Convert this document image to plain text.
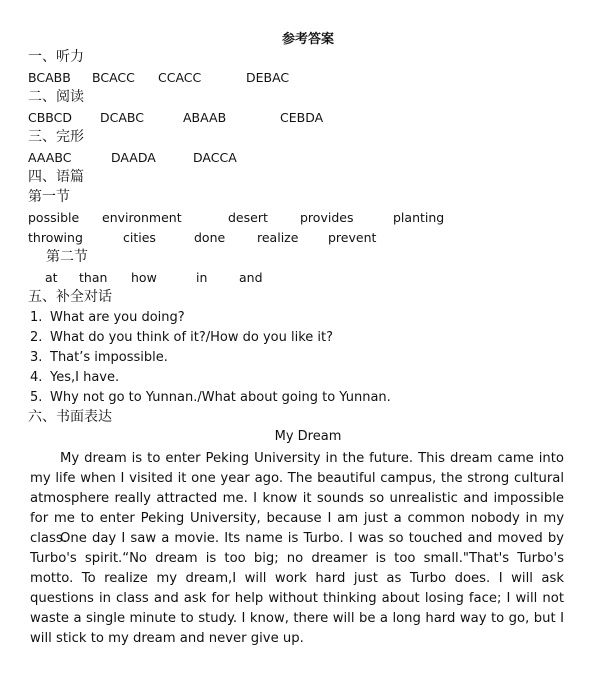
参考答案
一、听力
BCABB BCACC CCACC	DEBAC
二、阅读
CBBCD DCABC	ABAAB	CEBDA
三、完形
AAABC	DAADA	DACCA
四、语篇
第一节
possible environment	desert	provides	planting
throwing	cities	done	realize prevent
第二节
at than how	in	and
五、补全对话
1. What are you doing?
2. What do you think of it?/How do you like it?
3. That’s impossible.
4. Yes,I have.
5. Why not go to Yunnan./What about going to Yunnan.
六、书面表达
My Dream

My dream is to enter Peking University in the future. This dream came into my life when I visited it one year ago. The beautiful campus, the strong cultural atmosphere really attracted me. I know it sounds so unrealistic and impossible for me to enter Peking University, because I am just a common nobody in my class.

One day I saw a movie. Its name is Turbo. I was so touched and moved by Turbo's spirit.“No dream is too big; no dreamer is too small."That's Turbo's motto. To realize my dream,I will work hard just as Turbo does. I will ask questions in class and ask for help without thinking about losing face; I will not waste a single minute to study. I know, there will be a long hard way to go, but I will stick to my dream and never give up.
